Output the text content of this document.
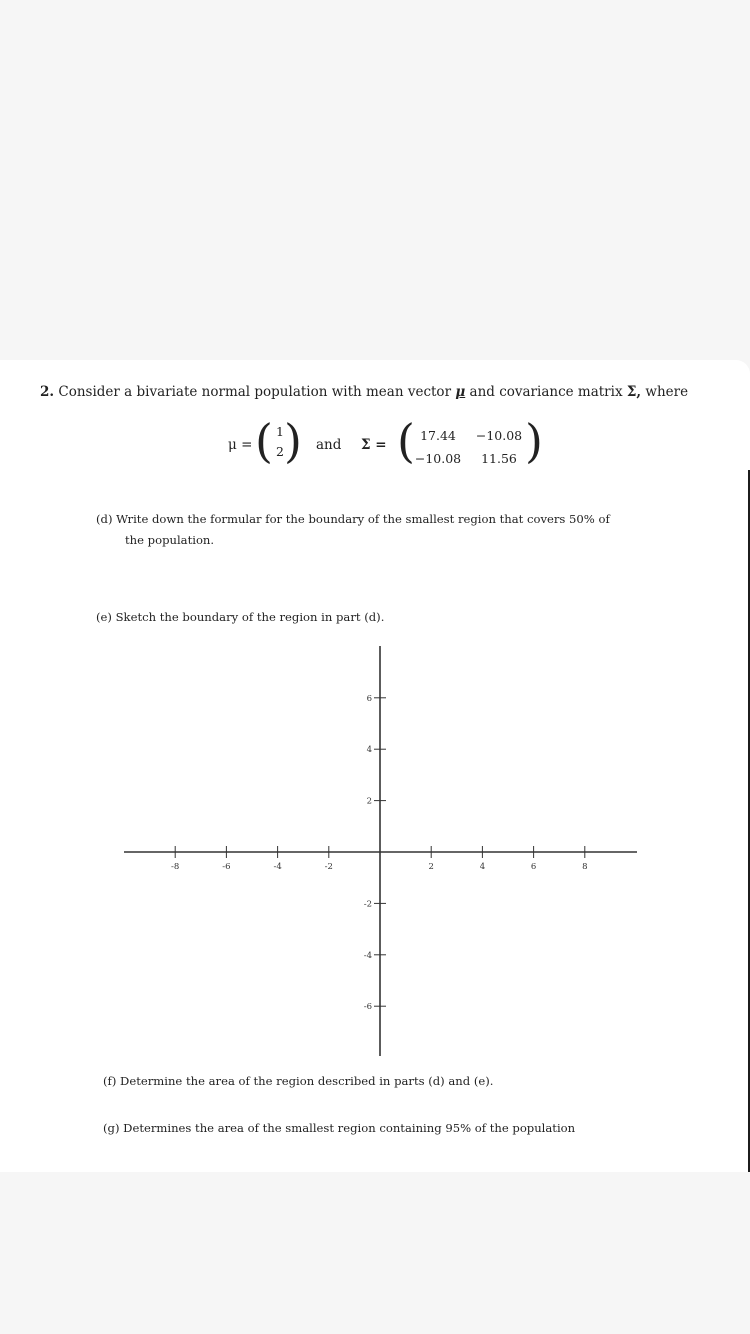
2. Consider a bivariate normal population with mean vector μ and covariance matrix Σ, where
μ = ( 1
2 ) and Σ = ( 17.44	−10.08
−10.08	11.56 )
(d) Write down the formular for the boundary of the smallest region that covers 50% of
the population.
(e) Sketch the boundary of the region in part (d).
-8	-6	-4	-2	2	4	6	8
6
4
2
-2
-4
-6
(f) Determine the area of the region described in parts (d) and (e).
(g) Determines the area of the smallest region containing 95% of the population
